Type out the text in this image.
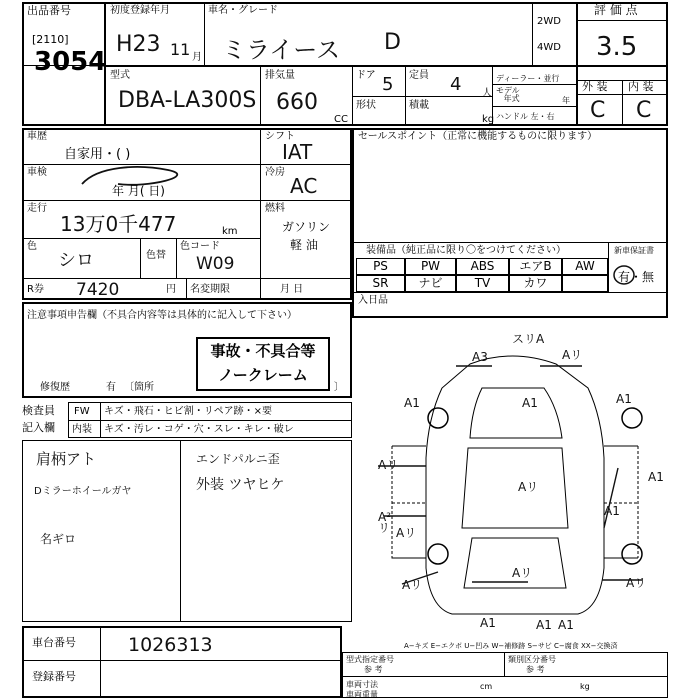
出品番号
[2110]
3054
初度登録年月
H23 11 月
車名・グレード
ミライース D
2WD
4WD
評 価 点
3.5
型式
DBA-LA300S
排気量
660
CC
ドア 5 定員 4 人
形状	積載
kg
ディーラー・並行
モデル
年式	年
ハンドル 左・右
外 装 内 装
C C
車歴
自家用・( )
シフト
IAT
車検
年 月( 日)
冷房
AC
走行
13万0千477	km
燃料
ガソリン
軽 油
色
シロ	色替
色コード
W09
R券 7420	円 名変期限	月 日
セールスポイント（正常に機能するものに限ります）
装備品（純正品に限り〇をつけてください）	新車保証書
有・無
PS	PW	ABS	エアB	AW
SR	ナビ	TV	カワ
入日品
注意事項申告欄（不具合内容等は具体的に記入して下さい）
事故・不具合等
ノークレーム
修復歴	有 〔箇所	〕
検査員
記入欄
FW キズ・飛石・ヒビ割・リペア跡・×要
内装 キズ・汚レ・コゲ・穴・スレ・キレ・破レ
肩柄アト
Dミラーホイールガヤ
名ギロ
エンドパルニ歪
外装 ツヤヒケ
A3
スリA
Aリ
A1	A1	A1
Aリ
Aリ
A1
A²
リ Aリ
A1
Aリ
Aリ
Aリ
A1	A1 A1
A−キズ E−エクボ U−凹み W−補修跡 S−サビ C−腐食 XX−交換済
車台番号	1026313
登録番号
型式指定番号
参 考
類別区分番号
参 考
車両寸法
車両重量
cm	kg
